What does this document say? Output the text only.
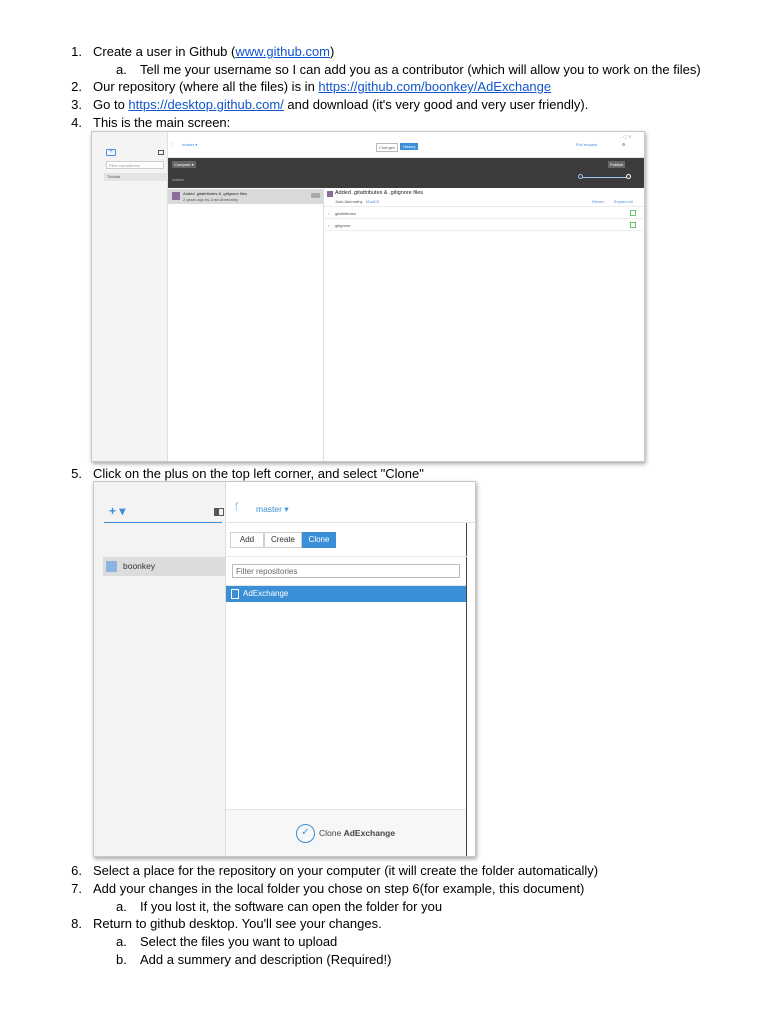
1. Create a user in Github (www.github.com)
a. Tell me your username so I can add you as a contributor (which will allow you to work on the files)
2. Our repository (where all the files) is in https://github.com/boonkey/AdExchange
3. Go to https://desktop.github.com/ and download (it's very good and very user friendly).
4. This is the main screen:
+
Filter repositories
Tutorial
ᚴ master ▾
Changes	History	Pull request	⚙
– ▢ ✕
Compare ▾
master
Publish
Added .gitattributes & .gitignore files
2 years ago by Josh Abernathy
Added .gitattributes & .gitignore files
Josh Abernathy f2ad12f	Revert	Expand all
› .gitattributes
› .gitignore
5. Click on the plus on the top left corner, and select "Clone"
+ ▾
boonkey
ᚴ master ▾
Add	Create	Clone
Filter repositories
AdExchange
✓	Clone AdExchange
6. Select a place for the repository on your computer (it will create the folder automatically)
7. Add your changes in the local folder you chose on step 6(for example, this document)
a. If you lost it, the software can open the folder for you
8. Return to github desktop. You'll see your changes.
a. Select the files you want to upload
b. Add a summery and description (Required!)
